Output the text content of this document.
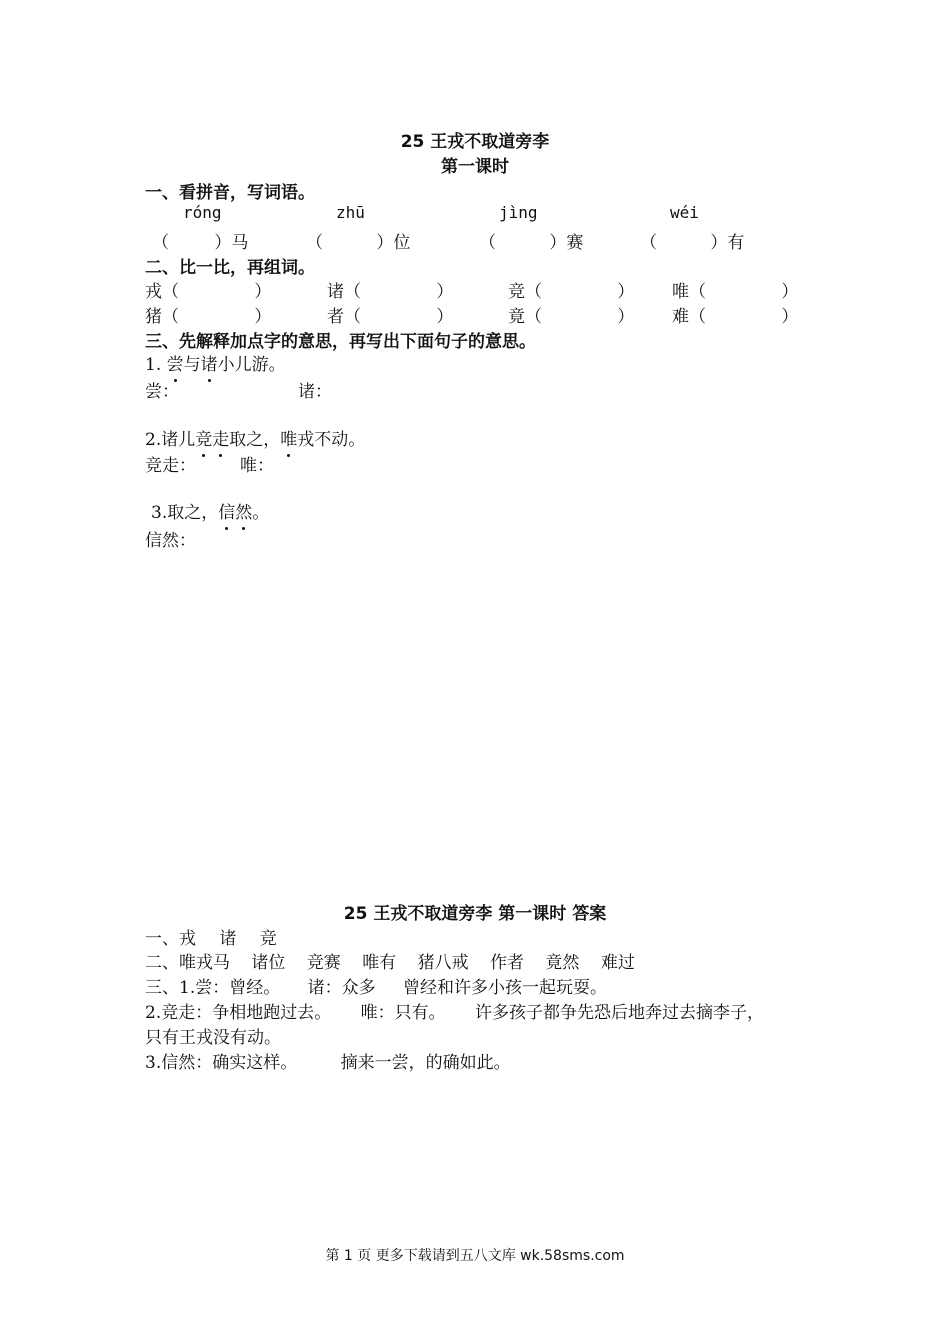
25 王戎不取道旁李
第一课时
一、看拼音，写词语。
róng	zhū	jìng	wéi
（ ）马	（ ）位	（ ）赛	（ ）有
二、比一比，再组词。
戎（ ）	诸（ ）	竞（ ） 唯（ ）
猪（ ）	者（ ）	竟（ ） 难（ ）
三、先解释加点字的意思，再写出下面句子的意思。
1. 尝与诸小儿游。
尝：	诸：
2.诸儿竞走取之，唯戎不动。
竞走：	唯：
3.取之，信然。
信然：
25 王戎不取道旁李 第一课时 答案
一、戎 诸 竞
二、唯戎马 诸位 竞赛 唯有 猪八戒 作者 竟然 难过
三、1.尝：曾经。 诸：众多 曾经和许多小孩一起玩耍。
2.竞走：争相地跑过去。 唯：只有。 许多孩子都争先恐后地奔过去摘李子，
只有王戎没有动。
3.信然：确实这样。 摘来一尝，的确如此。
第 1 页 更多下载请到五八文库 wk.58sms.com
